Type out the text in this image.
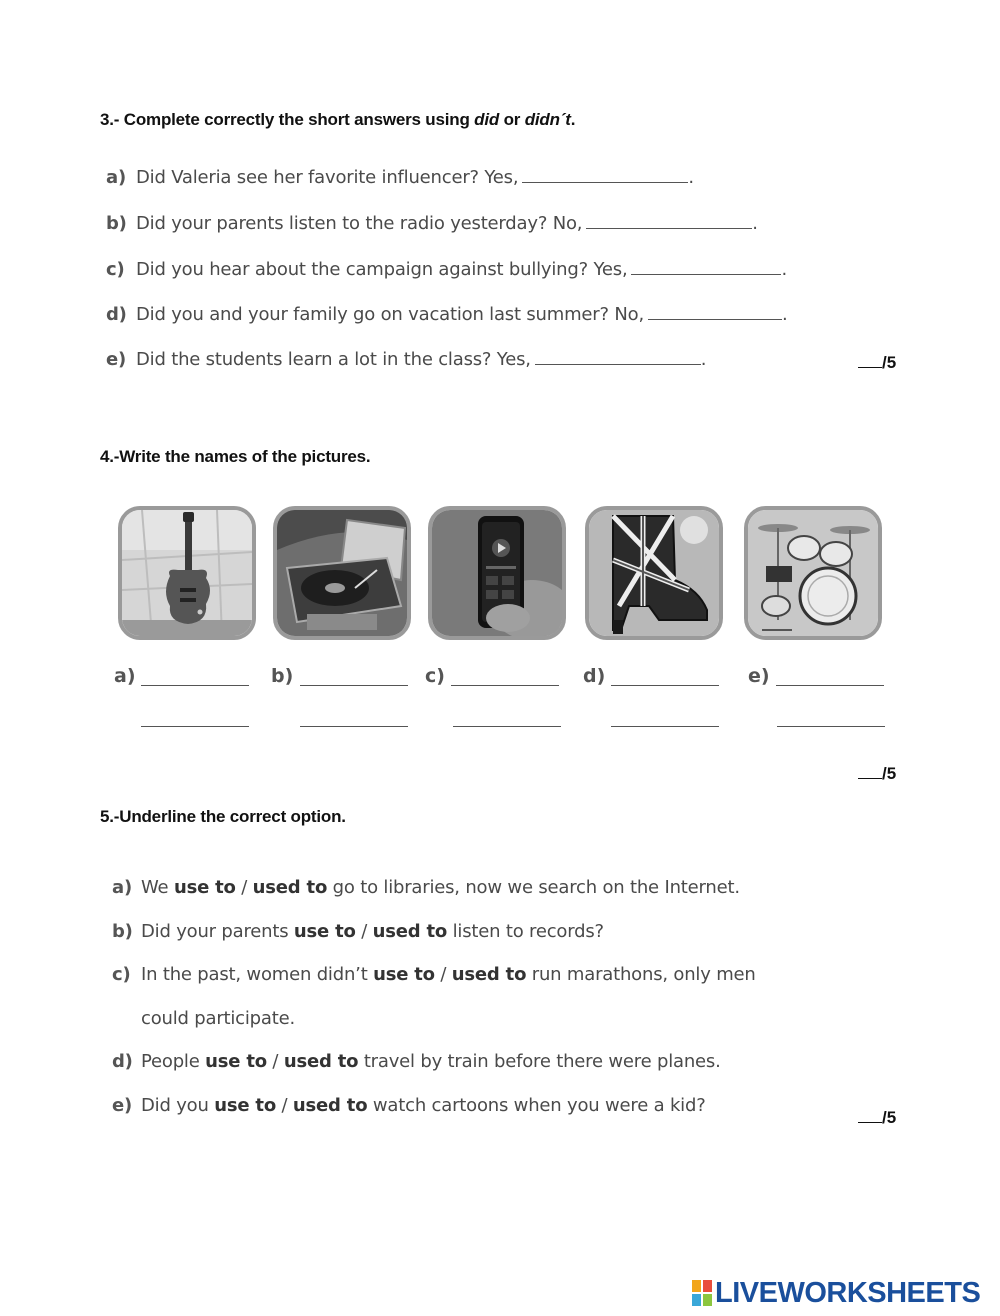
3.- Complete correctly the short answers using did or didn´t.

a) Did Valeria see her favorite influencer? Yes,	.
b) Did your parents listen to the radio yesterday? No,	.
c) Did you hear about the campaign against bullying? Yes,	.
d) Did you and your family go on vacation last summer? No,	.
e) Did the students learn a lot in the class? Yes,	.	/5

4.-Write the names of the pictures.

a)	b)	c)	d)	e)
/5

5.-Underline the correct option.

a) We use to / used to go to libraries, now we search on the Internet.
b) Did your parents use to / used to listen to records?
c) In the past, women didn’t use to / used to run marathons, only men
could participate.
d) People use to / used to travel by train before there were planes.
e) Did you use to / used to watch cartoons when you were a kid?
/5
LIVEWORKSHEETS
